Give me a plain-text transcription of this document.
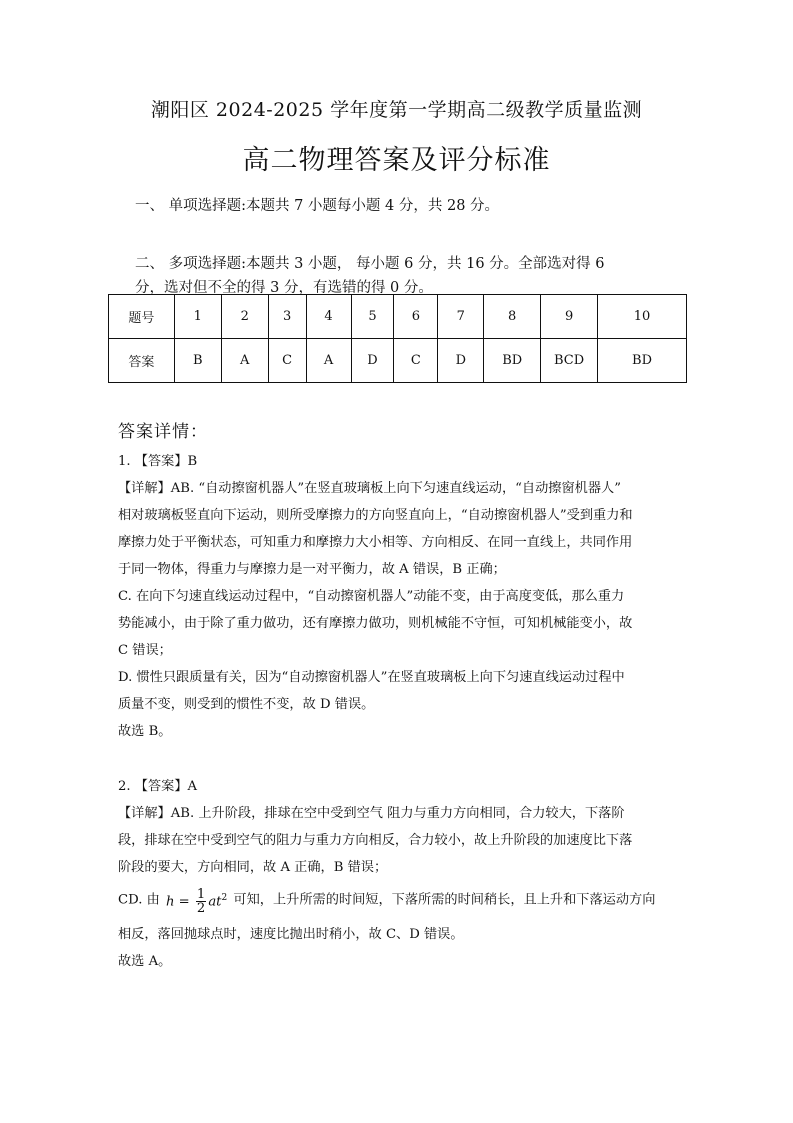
潮阳区 2024-2025 学年度第一学期高二级教学质量监测
高二物理答案及评分标准
一、 单项选择题:本题共 7 小题每小题 4 分，共 28 分。
二、 多项选择题:本题共 3 小题， 每小题 6 分，共 16 分。全部选对得 6
分，选对但不全的得 3 分，有选错的得 0 分。
题号	1	2	3	4	5	6	7	8	9	10
答案	B	A	C	A	D	C	D	BD	BCD	BD
答案详情：
1. 【答案】B
【详解】AB. “自动擦窗机器人”在竖直玻璃板上向下匀速直线运动，“自动擦窗机器人”
相对玻璃板竖直向下运动，则所受摩擦力的方向竖直向上，“自动擦窗机器人”受到重力和
摩擦力处于平衡状态，可知重力和摩擦力大小相等、方向相反、在同一直线上，共同作用
于同一物体，得重力与摩擦力是一对平衡力，故 A 错误，B 正确；
C. 在向下匀速直线运动过程中，“自动擦窗机器人”动能不变，由于高度变低，那么重力
势能减小，由于除了重力做功，还有摩擦力做功，则机械能不守恒，可知机械能变小，故
C 错误；
D. 惯性只跟质量有关，因为“自动擦窗机器人”在竖直玻璃板上向下匀速直线运动过程中
质量不变，则受到的惯性不变，故 D 错误。
故选 B。
2. 【答案】A
【详解】AB. 上升阶段，排球在空中受到空气 阻力与重力方向相同，合力较大，下落阶
段，排球在空中受到空气的阻力与重力方向相反，合力较小，故上升阶段的加速度比下落
阶段的要大，方向相同，故 A 正确，B 错误；
CD. 由 $h = \frac{1}{2} at^2$ 可知，上升所需的时间短，下落所需的时间稍长，且上升和下落运动方向
相反，落回抛球点时，速度比抛出时稍小，故 C、D 错误。
故选 A。
